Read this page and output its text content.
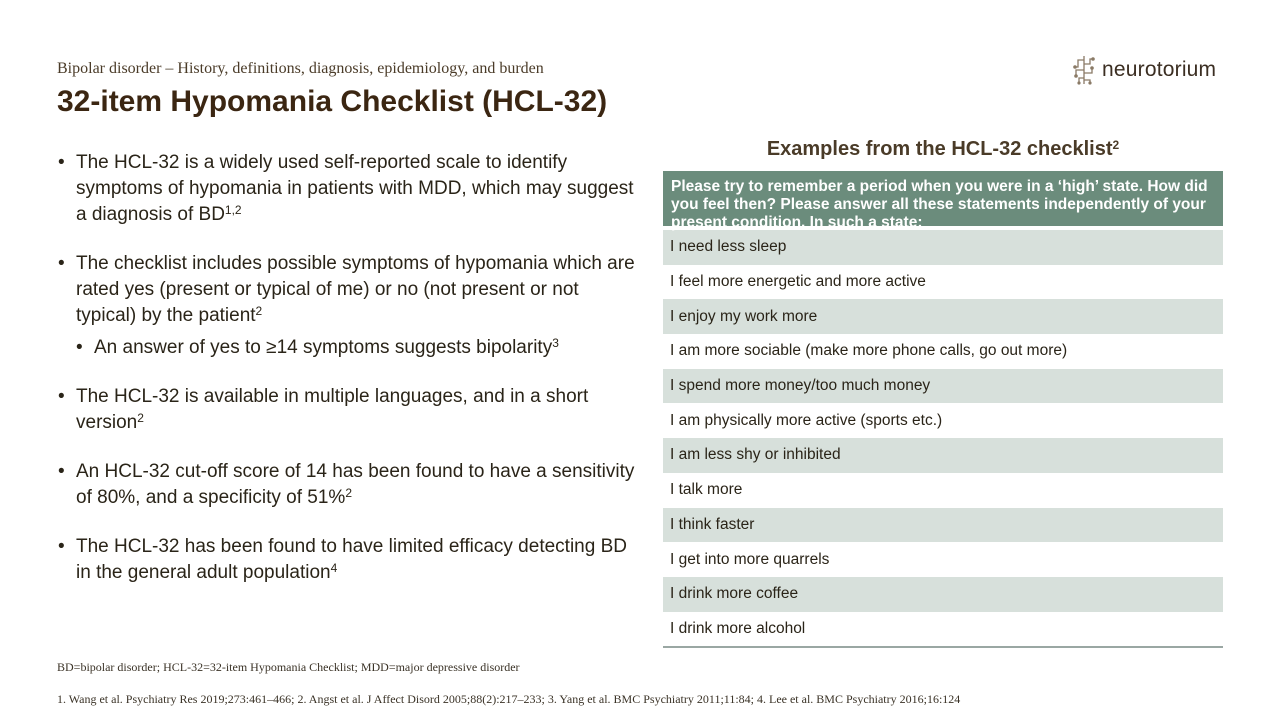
Bipolar disorder – History, definitions, diagnosis, epidemiology, and burden
32-item Hypomania Checklist (HCL-32)
neurotorium
• The HCL-32 is a widely used self-reported scale to identify symptoms of hypomania in patients with MDD, which may suggest a diagnosis of BD$^{1,2}$
• The checklist includes possible symptoms of hypomania which are rated yes (present or typical of me) or no (not present or not typical) by the patient$^2$
• An answer of yes to ≥14 symptoms suggests bipolarity$^3$
• The HCL-32 is available in multiple languages, and in a short version$^2$
• An HCL-32 cut-off score of 14 has been found to have a sensitivity of 80%, and a specificity of 51%$^2$
• The HCL-32 has been found to have limited efficacy detecting BD in the general adult population$^4$
Examples from the HCL-32 checklist$^2$
Please try to remember a period when you were in a ‘high’ state. How did you feel then? Please answer all these statements independently of your present condition. In such a state:
I need less sleep
I feel more energetic and more active
I enjoy my work more
I am more sociable (make more phone calls, go out more)
I spend more money/too much money
I am physically more active (sports etc.)
I am less shy or inhibited
I talk more
I think faster
I get into more quarrels
I drink more coffee
I drink more alcohol
BD=bipolar disorder; HCL-32=32-item Hypomania Checklist; MDD=major depressive disorder
1. Wang et al. Psychiatry Res 2019;273:461–466; 2. Angst et al. J Affect Disord 2005;88(2):217–233; 3. Yang et al. BMC Psychiatry 2011;11:84; 4. Lee et al. BMC Psychiatry 2016;16:124
